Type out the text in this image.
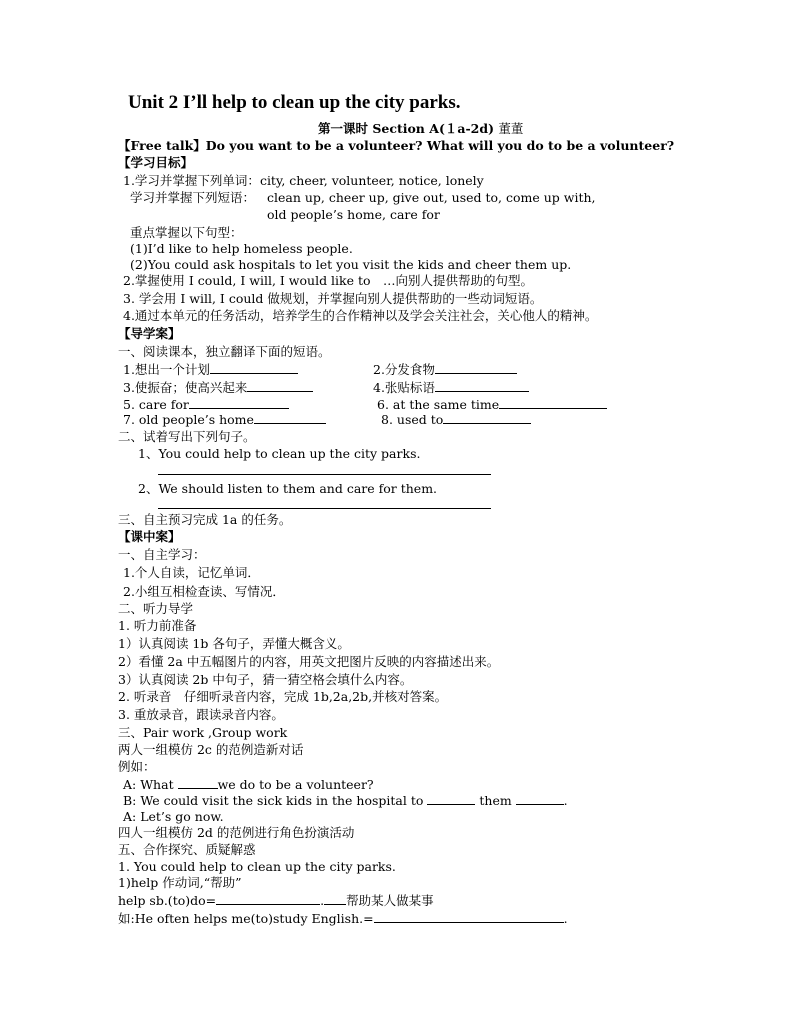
Unit 2 I’ll help to clean up the city parks.
第一课时 Section A(１a-2d) 董董
【Free talk】Do you want to be a volunteer? What will you do to be a volunteer?
【学习目标】
1.学习并掌握下列单词：city, cheer, volunteer, notice, lonely
学习并掌握下列短语： clean up, cheer up, give out, used to, come up with,
old people’s home, care for
重点掌握以下句型：
(1)I’d like to help homeless people.
(2)You could ask hospitals to let you visit the kids and cheer them up.
2.掌握使用 I could, I will, I would like to　…向别人提供帮助的句型。
3. 学会用 I will, I could 做规划，并掌握向别人提供帮助的一些动词短语。
4.通过本单元的任务活动，培养学生的合作精神以及学会关注社会，关心他人的精神。
【导学案】
一、阅读课本，独立翻译下面的短语。
1.想出一个计划	2.分发食物
3.使振奋；使高兴起来	4.张贴标语
5. care for	6. at the same time
7. old people’s home	8. used to
二、试着写出下列句子。
1、You could help to clean up the city parks.
2、We should listen to them and care for them.
三、自主预习完成 1a 的任务。
【课中案】
一、自主学习：
1.个人自读，记忆单词．
2.小组互相检查读、写情况．
二、听力导学
1. 听力前准备
1）认真阅读 1b 各句子，弄懂大概含义。
2）看懂 2a 中五幅图片的内容，用英文把图片反映的内容描述出来。
3）认真阅读 2b 中句子，猜一猜空格会填什么内容。
2. 听录音　仔细听录音内容，完成 1b,2a,2b,并核对答案。
3. 重放录音，跟读录音内容。
三、Pair work ,Group work
两人一组模仿 2c 的范例造新对话
例如：
A: What	we do to be a volunteer?
B: We could visit the sick kids in the hospital to	them	.
A: Let’s go now.
四人一组模仿 2d 的范例进行角色扮演活动
五、合作探究、质疑解惑
1. You could help to clean up the city parks.
1)help 作动词,“帮助”
help sb.(to)do=	. 帮助某人做某事
如:He often helps me(to)study English.=	.
